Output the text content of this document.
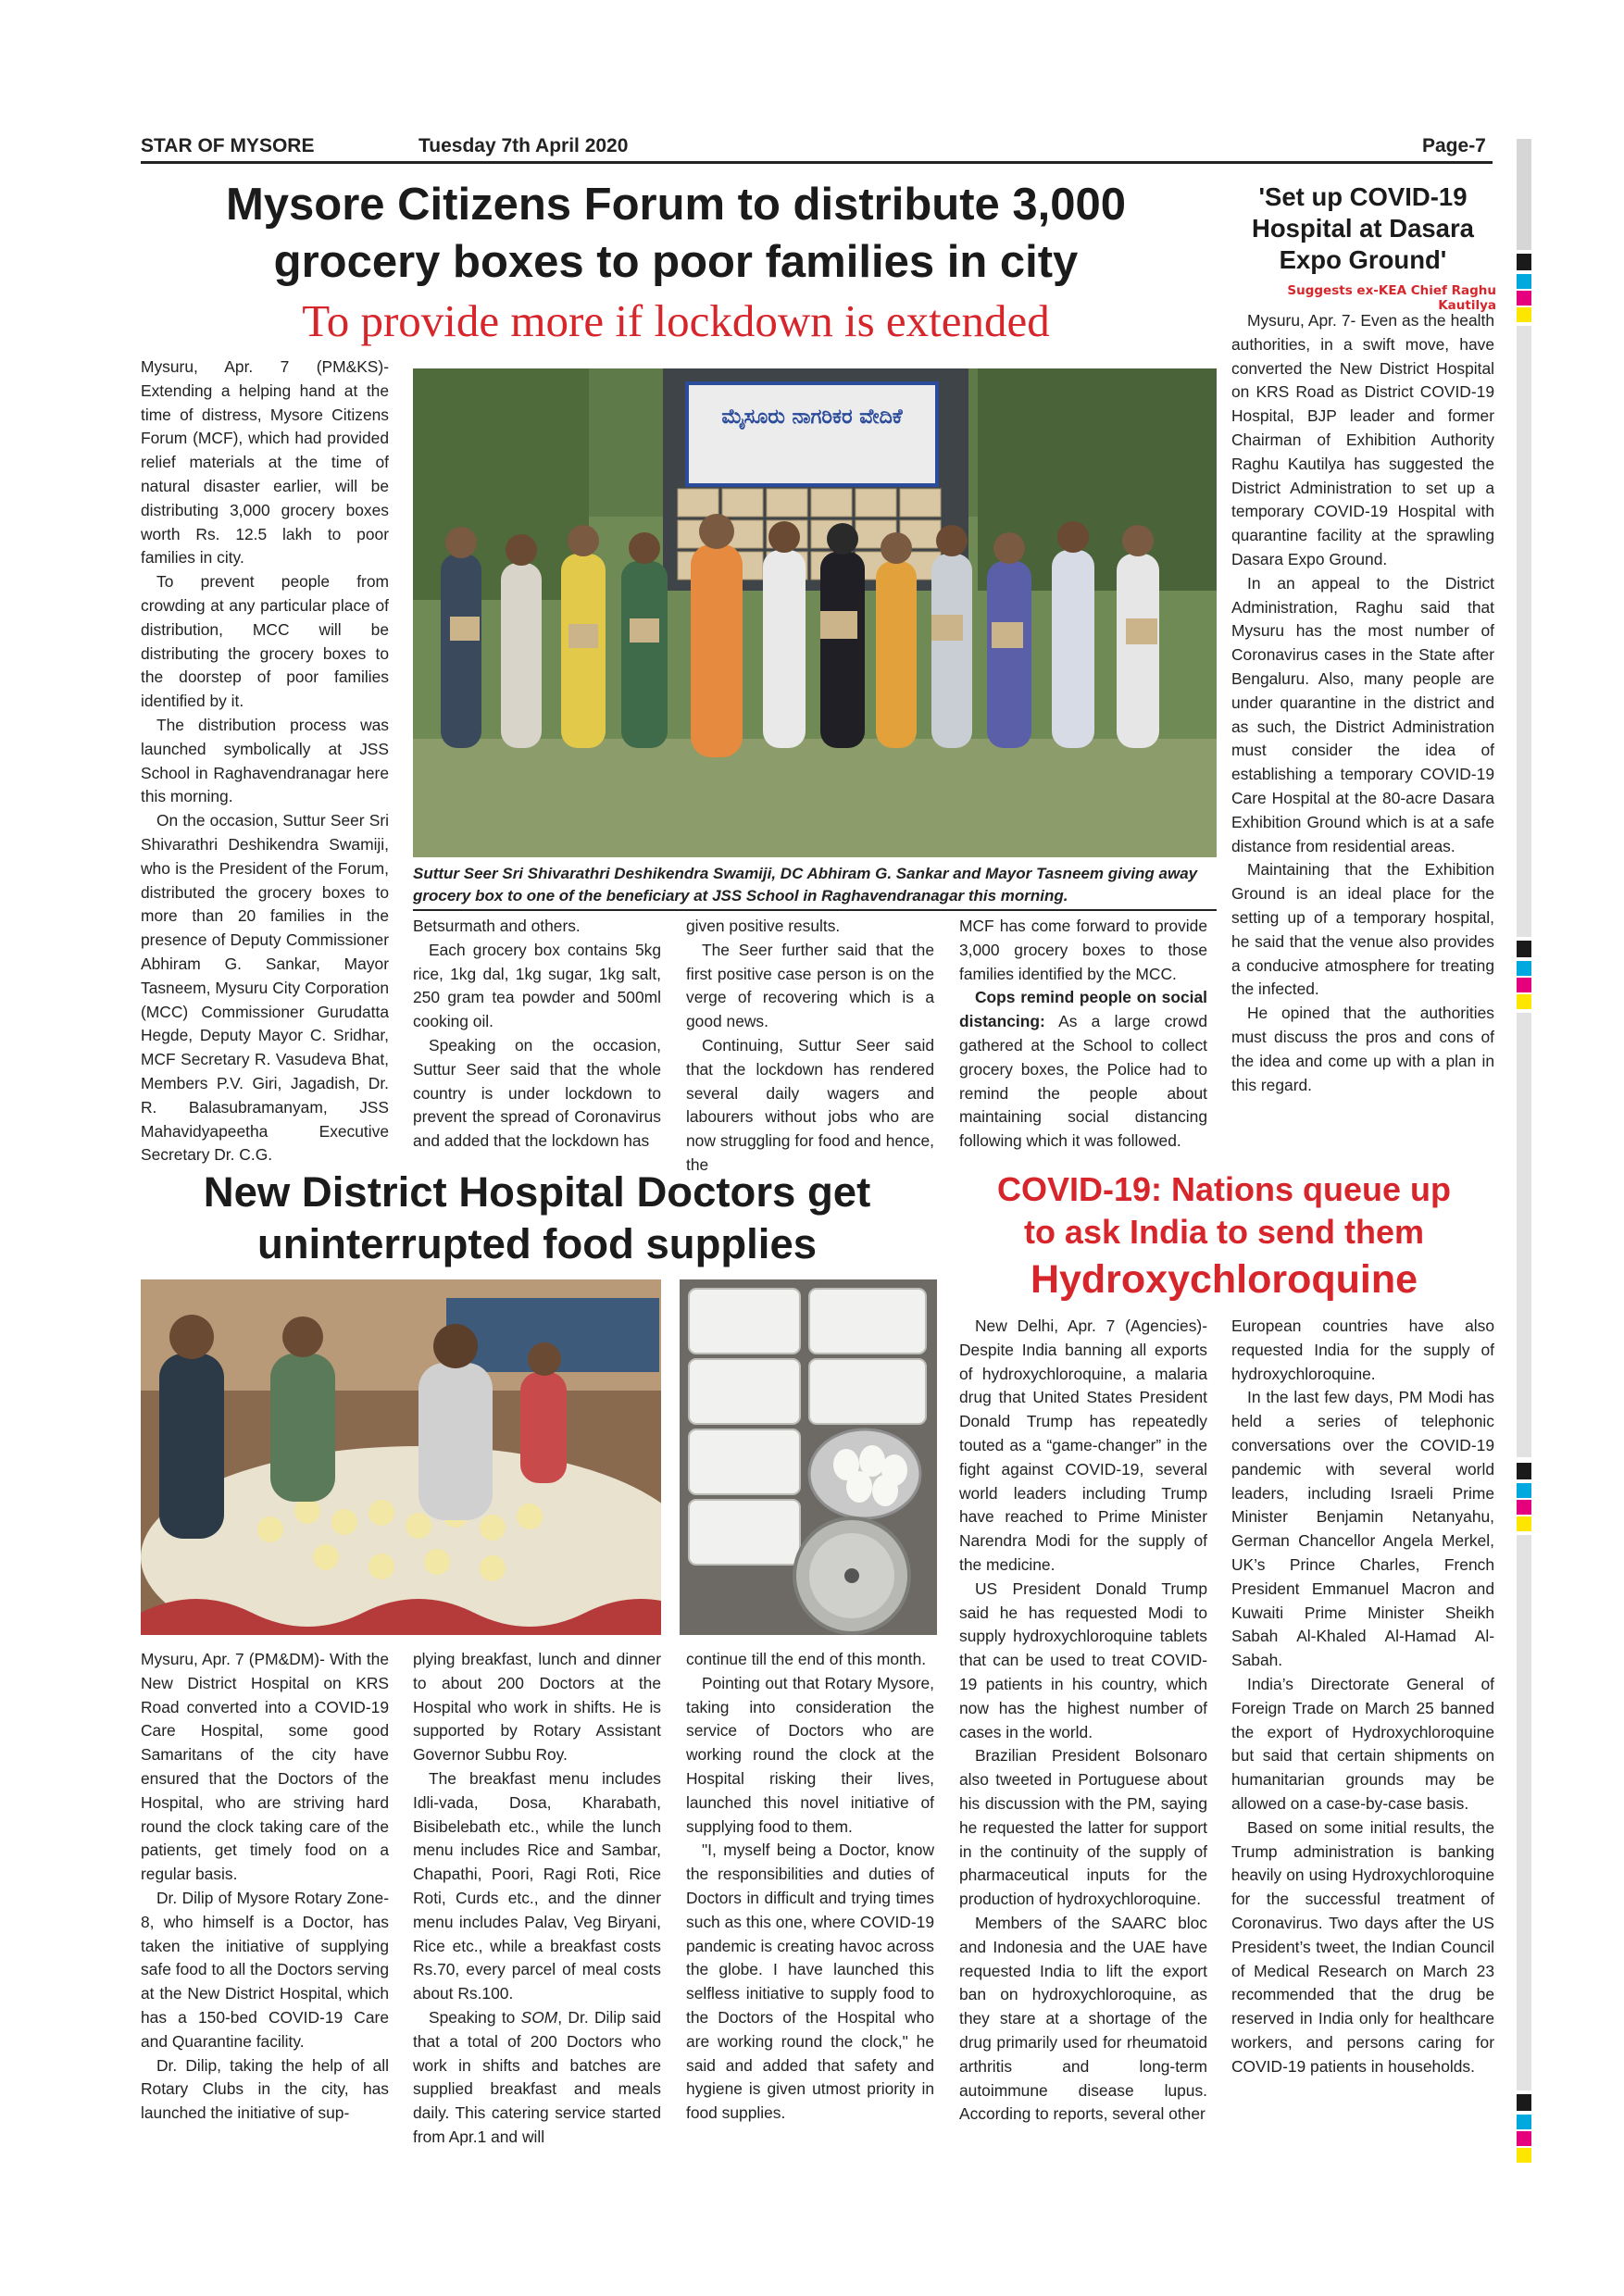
STAR OF MYSORE	Tuesday 7th April 2020	Page-7
Mysore Citizens Forum to distribute 3,000
grocery boxes to poor families in city
To provide more if lockdown is extended

Mysuru, Apr. 7 (PM&KS)- Extending a helping hand at the time of distress, Mysore Citizens Forum (MCF), which had provided relief materials at the time of natural disaster earlier, will be distributing 3,000 grocery boxes worth Rs. 12.5 lakh to poor families in city.

To prevent people from crowding at any particular place of distribution, MCC will be distributing the grocery boxes to the doorstep of poor families identified by it.

The distribution process was launched symbolically at JSS School in Raghavendranagar here this morning.

On the occasion, Suttur Seer Sri Shivarathri Deshikendra Swamiji, who is the President of the Forum, distributed the grocery boxes to more than 20 families in the presence of Deputy Commissioner Abhiram G. Sankar, Mayor Tasneem, Mysuru City Corporation (MCC) Commissioner Gurudatta Hegde, Deputy Mayor C. Sridhar, MCF Secretary R. Vasudeva Bhat, Members P.V. Giri, Jagadish, Dr. R. Balasubramanyam, JSS Mahavidyapeetha Executive Secretary Dr. C.G.

ಮೈಸೂರು ನಾಗರಿಕರ ವೇದಿಕೆ
Suttur Seer Sri Shivarathri Deshikendra Swamiji, DC Abhiram G. Sankar and Mayor Tasneem giving away grocery box to one of the beneficiary at JSS School in Raghavendranagar this morning.

Betsurmath and others.

Each grocery box contains 5kg rice, 1kg dal, 1kg sugar, 1kg salt, 250 gram tea powder and 500ml cooking oil.

Speaking on the occasion, Suttur Seer said that the whole country is under lockdown to prevent the spread of Coronavirus and added that the lockdown has

given positive results.

The Seer further said that the first positive case person is on the verge of recovering which is a good news.

Continuing, Suttur Seer said that the lockdown has rendered several daily wagers and labourers without jobs who are now struggling for food and hence, the

MCF has come forward to provide 3,000 grocery boxes to those families identified by the MCC.

Cops remind people on social distancing: As a large crowd gathered at the School to collect grocery boxes, the Police had to remind the people about maintaining social distancing following which it was followed.

'Set up COVID-19
Hospital at Dasara
Expo Ground'
Suggests ex-KEA Chief Raghu Kautilya

Mysuru, Apr. 7- Even as the health authorities, in a swift move, have converted the New District Hospital on KRS Road as District COVID-19 Hospital, BJP leader and former Chairman of Exhibition Authority Raghu Kautilya has suggested the District Administration to set up a temporary COVID-19 Hospital with quarantine facility at the sprawling Dasara Expo Ground.

In an appeal to the District Administration, Raghu said that Mysuru has the most number of Coronavirus cases in the State after Bengaluru. Also, many people are under quarantine in the district and as such, the District Administration must consider the idea of establishing a temporary COVID-19 Care Hospital at the 80-acre Dasara Exhibition Ground which is at a safe distance from residential areas.

Maintaining that the Exhibition Ground is an ideal place for the setting up of a temporary hospital, he said that the venue also provides a conducive atmosphere for treating the infected.

He opined that the authorities must discuss the pros and cons of the idea and come up with a plan in this regard.

New District Hospital Doctors get
uninterrupted food supplies

Mysuru, Apr. 7 (PM&DM)- With the New District Hospital on KRS Road converted into a COVID-19 Care Hospital, some good Samaritans of the city have ensured that the Doctors of the Hospital, who are striving hard round the clock taking care of the patients, get timely food on a regular basis.

Dr. Dilip of Mysore Rotary Zone-8, who himself is a Doctor, has taken the initiative of supplying safe food to all the Doctors serving at the New District Hospital, which has a 150-bed COVID-19 Care and Quarantine facility.

Dr. Dilip, taking the help of all Rotary Clubs in the city, has launched the initiative of sup-

plying breakfast, lunch and dinner to about 200 Doctors at the Hospital who work in shifts. He is supported by Rotary Assistant Governor Subbu Roy.

The breakfast menu includes Idli-vada, Dosa, Kharabath, Bisibelebath etc., while the lunch menu includes Rice and Sambar, Chapathi, Poori, Ragi Roti, Rice Roti, Curds etc., and the dinner menu includes Palav, Veg Biryani, Rice etc., while a breakfast costs Rs.70, every parcel of meal costs about Rs.100.

Speaking to SOM, Dr. Dilip said that a total of 200 Doctors who work in shifts and batches are supplied breakfast and meals daily. This catering service started from Apr.1 and will

continue till the end of this month.

Pointing out that Rotary Mysore, taking into consideration the service of Doctors who are working round the clock at the Hospital risking their lives, launched this novel initiative of supplying food to them.

"I, myself being a Doctor, know the responsibilities and duties of Doctors in difficult and trying times such as this one, where COVID-19 pandemic is creating havoc across the globe. I have launched this selfless initiative to supply food to the Doctors of the Hospital who are working round the clock," he said and added that safety and hygiene is given utmost priority in food supplies.

COVID-19: Nations queue up
to ask India to send them
Hydroxychloroquine

New Delhi, Apr. 7 (Agencies)- Despite India banning all exports of hydroxychloroquine, a malaria drug that United States President Donald Trump has repeatedly touted as a “game-changer” in the fight against COVID-19, several world leaders including Trump have reached to Prime Minister Narendra Modi for the supply of the medicine.

US President Donald Trump said he has requested Modi to supply hydroxychloroquine tablets that can be used to treat COVID-19 patients in his country, which now has the highest number of cases in the world.

Brazilian President Bolsonaro also tweeted in Portuguese about his discussion with the PM, saying he requested the latter for support in the continuity of the supply of pharmaceutical inputs for the production of hydroxychloroquine.

Members of the SAARC bloc and Indonesia and the UAE have requested India to lift the export ban on hydroxychloroquine, as they stare at a shortage of the drug primarily used for rheumatoid arthritis and long-term autoimmune disease lupus. According to reports, several other

European countries have also requested India for the supply of hydroxychloroquine.

In the last few days, PM Modi has held a series of telephonic conversations over the COVID-19 pandemic with several world leaders, including Israeli Prime Minister Benjamin Netanyahu, German Chancellor Angela Merkel, UK’s Prince Charles, French President Emmanuel Macron and Kuwaiti Prime Minister Sheikh Sabah Al-Khaled Al-Hamad Al-Sabah.

India’s Directorate General of Foreign Trade on March 25 banned the export of Hydroxychloroquine but said that certain shipments on humanitarian grounds may be allowed on a case-by-case basis.

Based on some initial results, the Trump administration is banking heavily on using Hydroxychloroquine for the successful treatment of Coronavirus. Two days after the US President’s tweet, the Indian Council of Medical Research on March 23 recommended that the drug be reserved in India only for healthcare workers, and persons caring for COVID-19 patients in households.
